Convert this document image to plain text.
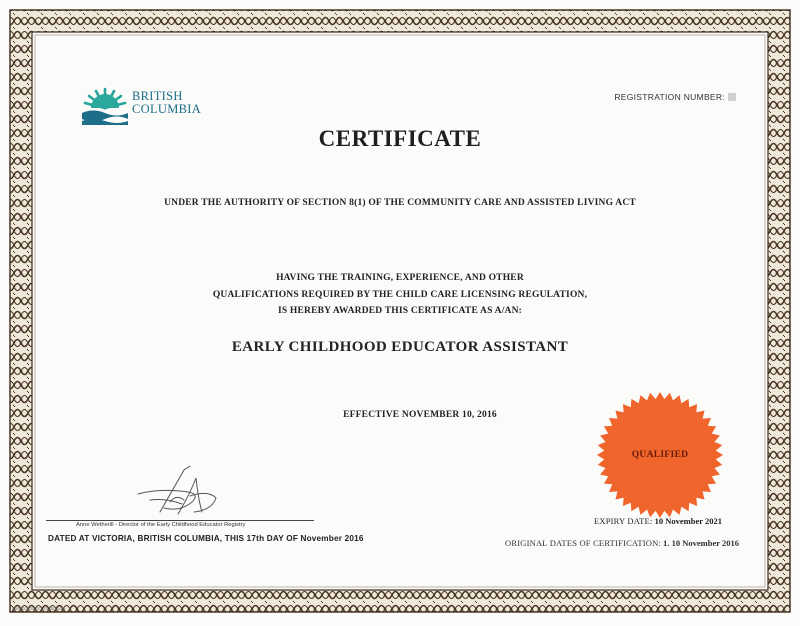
BRITISH
COLUMBIA
REGISTRATION NUMBER:
CERTIFICATE
UNDER THE AUTHORITY OF SECTION 8(1) OF THE COMMUNITY CARE AND ASSISTED LIVING ACT
HAVING THE TRAINING, EXPERIENCE, AND OTHER
QUALIFICATIONS REQUIRED BY THE CHILD CARE LICENSING REGULATION,
IS HEREBY AWARDED THIS CERTIFICATE AS A/AN:
EARLY CHILDHOOD EDUCATOR ASSISTANT
EFFECTIVE NOVEMBER 10, 2016
QUALIFIED
Anne Wetherill - Director of the Early Childhood Educator Registry
DATED AT VICTORIA, BRITISH COLUMBIA, THIS 17th DAY OF November 2016
EXPIRY DATE: 10 November 2021
ORIGINAL DATES OF CERTIFICATION: 1. 10 November 2016
45000/3/0/2/3 / 2015/11/06
